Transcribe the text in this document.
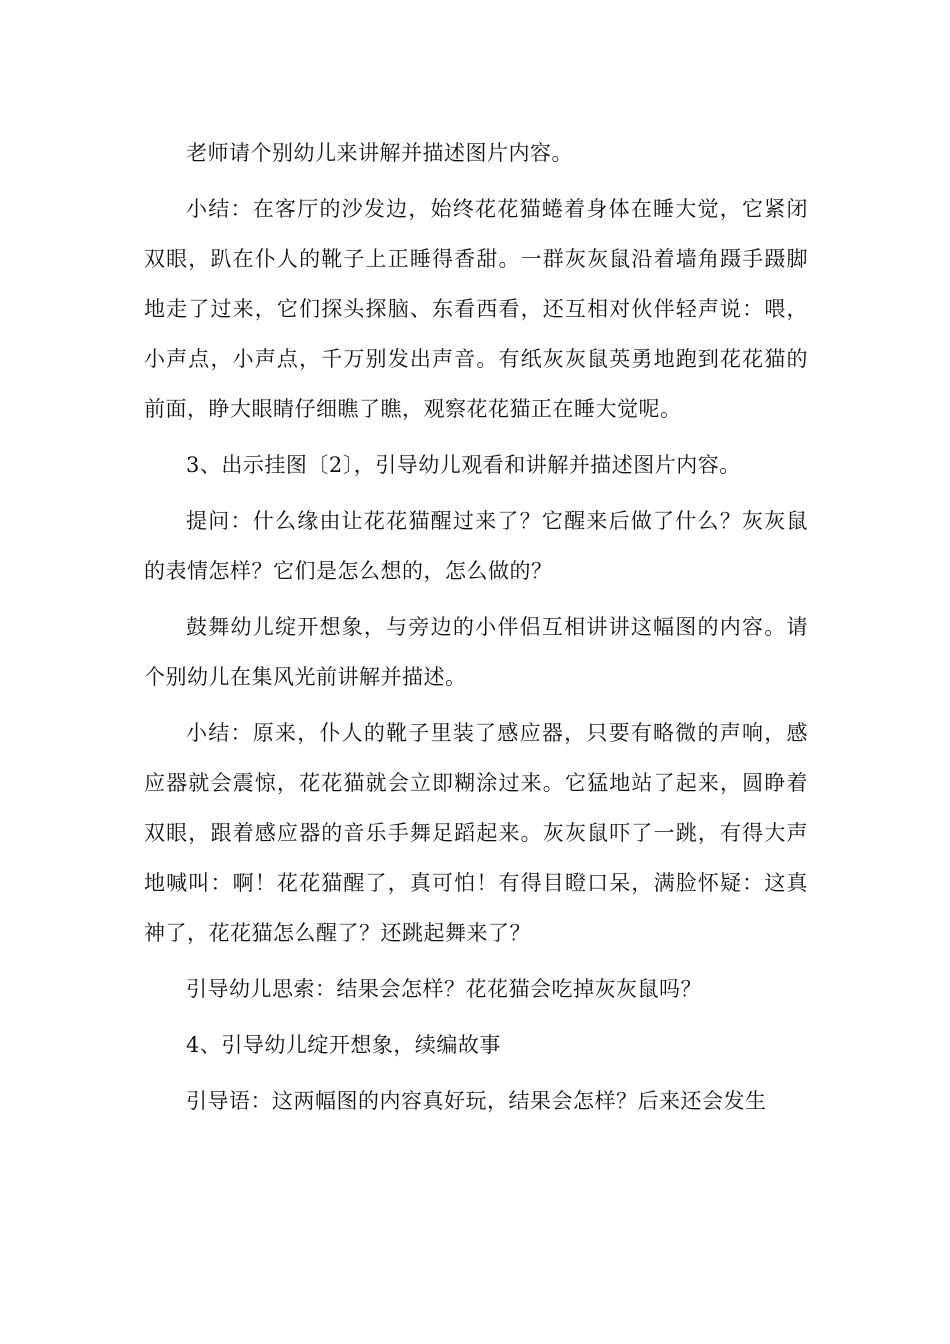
老师请个别幼儿来讲解并描述图片内容。

小结：在客厅的沙发边，始终花花猫蜷着身体在睡大觉，它紧闭双眼，趴在仆人的靴子上正睡得香甜。一群灰灰鼠沿着墙角蹑手蹑脚地走了过来，它们探头探脑、东看西看，还互相对伙伴轻声说：喂，小声点，小声点，千万别发出声音。有纸灰灰鼠英勇地跑到花花猫的前面，睁大眼睛仔细瞧了瞧，观察花花猫正在睡大觉呢。

3、出示挂图〔2〕，引导幼儿观看和讲解并描述图片内容。

提问：什么缘由让花花猫醒过来了？它醒来后做了什么？灰灰鼠的表情怎样？它们是怎么想的，怎么做的？

鼓舞幼儿绽开想象，与旁边的小伴侣互相讲讲这幅图的内容。请个别幼儿在集风光前讲解并描述。

小结：原来，仆人的靴子里装了感应器，只要有略微的声响，感应器就会震惊，花花猫就会立即糊涂过来。它猛地站了起来，圆睁着双眼，跟着感应器的音乐手舞足蹈起来。灰灰鼠吓了一跳，有得大声地喊叫：啊！花花猫醒了，真可怕！有得目瞪口呆，满脸怀疑：这真神了，花花猫怎么醒了？还跳起舞来了？

引导幼儿思索：结果会怎样？花花猫会吃掉灰灰鼠吗？

4、引导幼儿绽开想象，续编故事

引导语：这两幅图的内容真好玩，结果会怎样？后来还会发生
